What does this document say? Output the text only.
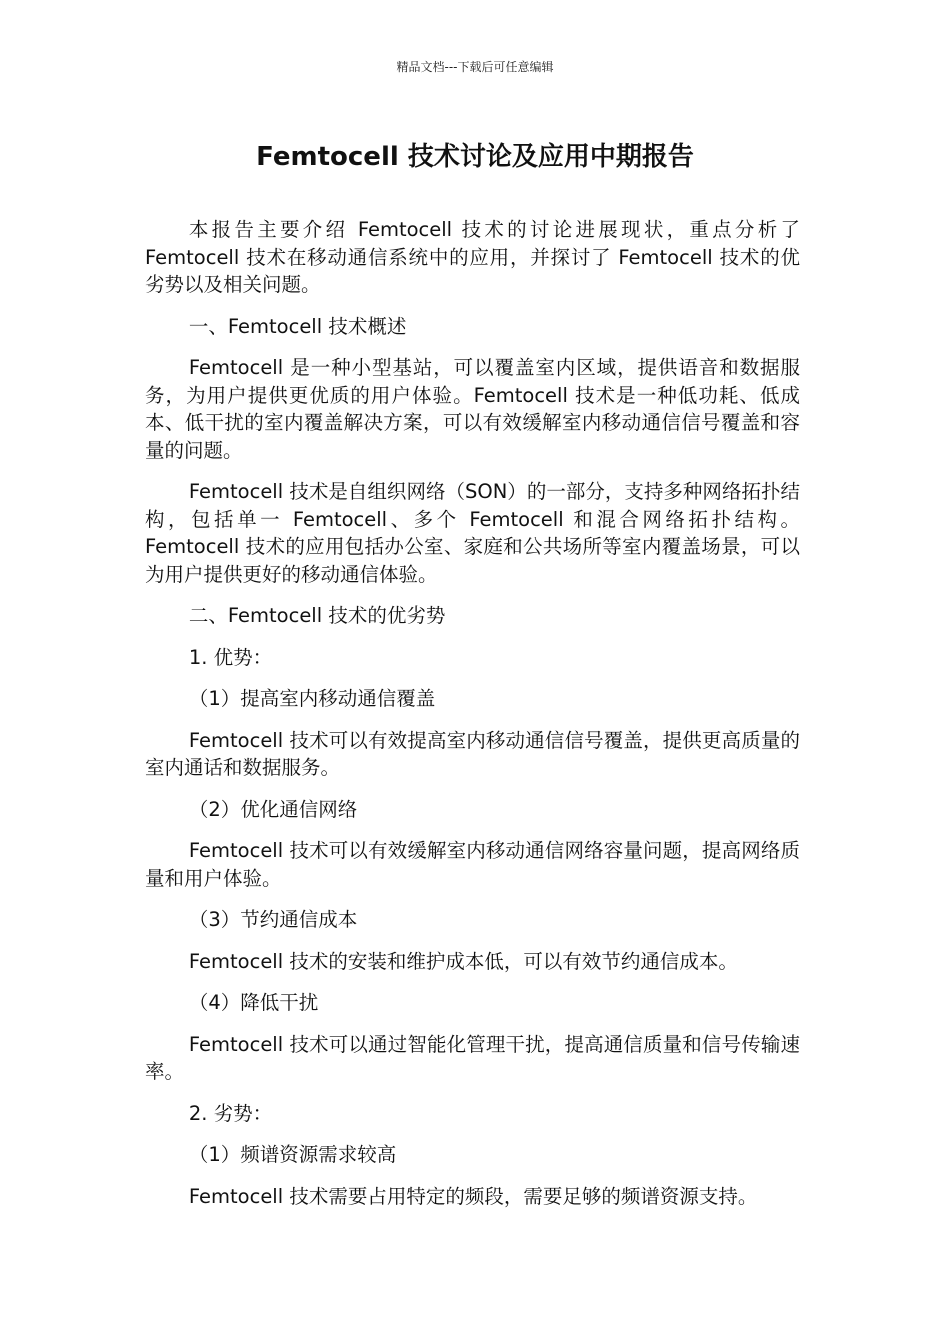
精品文档---下载后可任意编辑
Femtocell 技术讨论及应用中期报告

本报告主要介绍 Femtocell 技术的讨论进展现状，重点分析了 Femtocell 技术在移动通信系统中的应用，并探讨了 Femtocell 技术的优劣势以及相关问题。

一、Femtocell 技术概述

Femtocell 是一种小型基站，可以覆盖室内区域，提供语音和数据服务，为用户提供更优质的用户体验。Femtocell 技术是一种低功耗、低成本、低干扰的室内覆盖解决方案，可以有效缓解室内移动通信信号覆盖和容量的问题。

Femtocell 技术是自组织网络（SON）的一部分，支持多种网络拓扑结构，包括单一 Femtocell、多个 Femtocell 和混合网络拓扑结构。Femtocell 技术的应用包括办公室、家庭和公共场所等室内覆盖场景，可以为用户提供更好的移动通信体验。

二、Femtocell 技术的优劣势

1. 优势：

（1）提高室内移动通信覆盖

Femtocell 技术可以有效提高室内移动通信信号覆盖，提供更高质量的室内通话和数据服务。

（2）优化通信网络

Femtocell 技术可以有效缓解室内移动通信网络容量问题，提高网络质量和用户体验。

（3）节约通信成本

Femtocell 技术的安装和维护成本低，可以有效节约通信成本。

（4）降低干扰

Femtocell 技术可以通过智能化管理干扰，提高通信质量和信号传输速率。

2. 劣势：

（1）频谱资源需求较高

Femtocell 技术需要占用特定的频段，需要足够的频谱资源支持。
